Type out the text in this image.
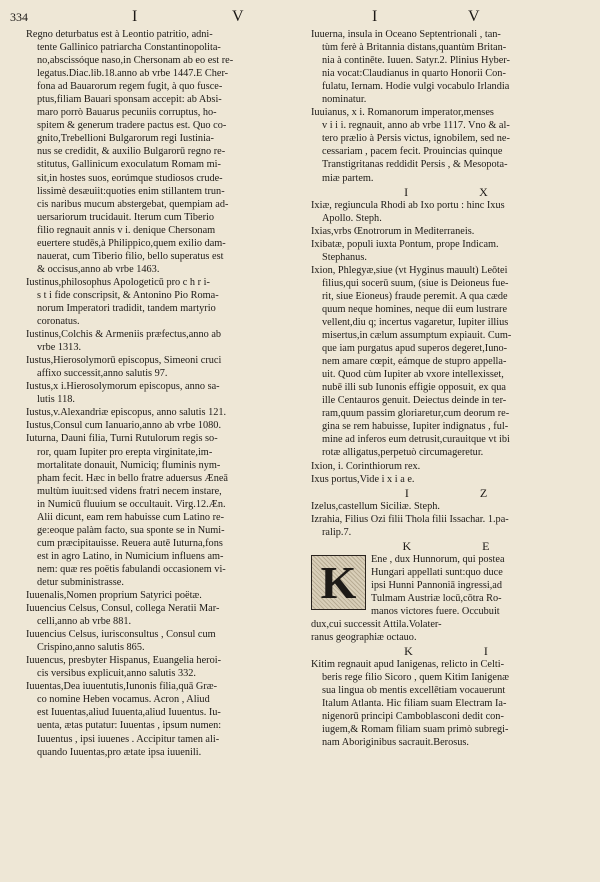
334	I	V	I	V
Regno deturbatus est à Leontio patritio, adni-
tente Gallinico patriarcha Constantinopolita-
no,abscissóque naso,in Chersonam ab eo est re-
legatus.Diac.lib.18.anno ab vrbe 1447.E Cher-
fona ad Bauarorum regem fugit, à quo fusce-
ptus,filiam Bauari sponsam accepit: ab Absi-
maro porrò Bauarus pecuniis corruptus, ho-
spitem & generum tradere pactus est. Quo co-
gnito,Trebellioni Bulgarorum regi Iustinia-
nus se credidit, & auxilio Bulgarorū regno re-
stitutus, Gallinicum exoculatum Romam mi-
sit,in hostes suos, eorúmque studiosos crude-
lissimè desæuiit:quoties enim stillantem trun-
cis naribus mucum abstergebat, quempiam ad-
uersariorum trucidauit. Iterum cum Tiberio
filio regnauit annis v i. denique Chersonam
euertere studēs,à Philippico,quem exilio dam-
nauerat, cum Tiberio filio, bello superatus est
& occisus,anno ab vrbe 1463.
Iustinus,philosophus Apologeticū pro c h r i-
s t i fide conscripsit, & Antonino Pio Roma-
norum Imperatori tradidit, tandem martyrio
coronatus.
Iustinus,Colchis & Armeniis præfectus,anno ab
vrbe 1313.
Iustus,Hierosolymorū episcopus, Simeoni cruci
affixo successit,anno salutis 97.
Iustus,x i.Hierosolymorum episcopus, anno sa-
lutis 118.
Iustus,v.Alexandriæ episcopus, anno salutis 121.
Iustus,Consul cum Ianuario,anno ab vrbe 1080.
Iuturna, Dauni filia, Turni Rutulorum regis so-
ror, quam Iupiter pro erepta virginitate,im-
mortalitate donauit, Numiciq; fluminis nym-
pham fecit. Hæc in bello fratre aduersus Æneā
multùm iuuit:sed videns fratri necem instare,
in Numicū fluuium se occultauit. Virg.12.Æn.
Alii dicunt, eam rem habuisse cum Latino re-
ge:eoque palàm facto, sua sponte se in Numi-
cum præcipitauisse. Reuera autē Iuturna,fons
est in agro Latino, in Numicium influens am-
nem: quæ res poëtis fabulandi occasionem vi-
detur subministrasse.
Iuuenalis,Nomen proprium Satyrici poëtæ.
Iuuencius Celsus, Consul, collega Neratii Mar-
celli,anno ab vrbe 881.
Iuuencius Celsus, iurisconsultus , Consul cum
Crispino,anno salutis 865.
Iuuencus, presbyter Hispanus, Euangelia heroi-
cis versibus explicuit,anno salutis 332.
Iuuentas,Dea iuuentutis,Iunonis filia,quā Græ-
co nomine Heben vocamus. Acron , Aliud
est Iuuentas,aliud Iuuenta,aliud Iuuentus. Iu-
uenta, ætas putatur: Iuuentas , ipsum numen:
Iuuentus , ipsi iuuenes . Accipitur tamen ali-
quando Iuuentas,pro ætate ipsa iuuenili.
Iuuerna, insula in Oceano Septentrionali , tan-
tùm ferè à Britannia distans,quantùm Britan-
nia à continēte. Iuuen. Satyr.2. Plinius Hyber-
nia vocat:Claudianus in quarto Honorii Con-
fulatu, Iernam. Hodie vulgi vocabulo Irlandia
nominatur.
Iuuianus, x i. Romanorum imperator,menses
v i i i. regnauit, anno ab vrbe 1117. Vno & al-
tero prælio à Persis victus, ignobilem, sed ne-
cessariam , pacem fecit. Prouincias quinque
Transtigritanas reddidit Persis , & Mesopota-
miæ partem.
I X
Ixiæ, regiuncula Rhodi ab Ixo portu : hinc Ixus
Apollo. Steph.
Ixias,vrbs Œnotrorum in Mediterraneis.
Ixibatæ, populi iuxta Pontum, prope Indicam.
Stephanus.
Ixion, Phlegyæ,siue (vt Hyginus mauult) Leōtei
filius,qui socerū suum, (siue is Deioneus fue-
rit, siue Eioneus) fraude peremit. A qua cæde
quum neque homines, neque dii eum lustrare
vellent,diu q; incertus vagaretur, Iupiter illius
misertus,in cælum assumptum expiauit. Cum-
que iam purgatus apud superos degeret,Iuno-
nem amare cœpit, eámque de stupro appella-
uit. Quod cùm Iupiter ab vxore intellexisset,
nubē illi sub Iunonis effigie opposuit, ex qua
ille Centauros genuit. Deiectus deinde in ter-
ram,quum passim gloriaretur,cum deorum re-
gina se rem habuisse, Iupiter indignatus , ful-
mine ad inferos eum detrusit,curauitque vt ibi
rotæ alligatus,perpetuò circumageretur.
Ixion, i. Corinthiorum rex.
Ixus portus,Vide i x i a e.
I Z
Izelus,castellum Siciliæ. Steph.
Izrahia, Filius Ozi filii Thola filii Issachar. 1.pa-
ralip.7.
K E
K	Ene , dux Hunnorum, qui postea
Hungari appellati sunt:quo duce
ipsi Hunni Pannoniā ingressi,ad
Tulmam Austriæ locū,cōtra Ro-
manos victores fuere. Occubuit
dux,cui successit Attila.Volater-
ranus geographiæ octauo.
K I
Kitim regnauit apud Ianigenas, relicto in Celti-
beris rege filio Sicoro , quem Kitim Ianigenæ
sua lingua ob mentis excellētiam vocauerunt
Italum Atlanta. Hic filiam suam Electram Ia-
nigenorū principi Camboblasconi dedit con-
iugem,& Romam filiam suam primò subregi-
nam Aboriginibus sacrauit.Berosus.
